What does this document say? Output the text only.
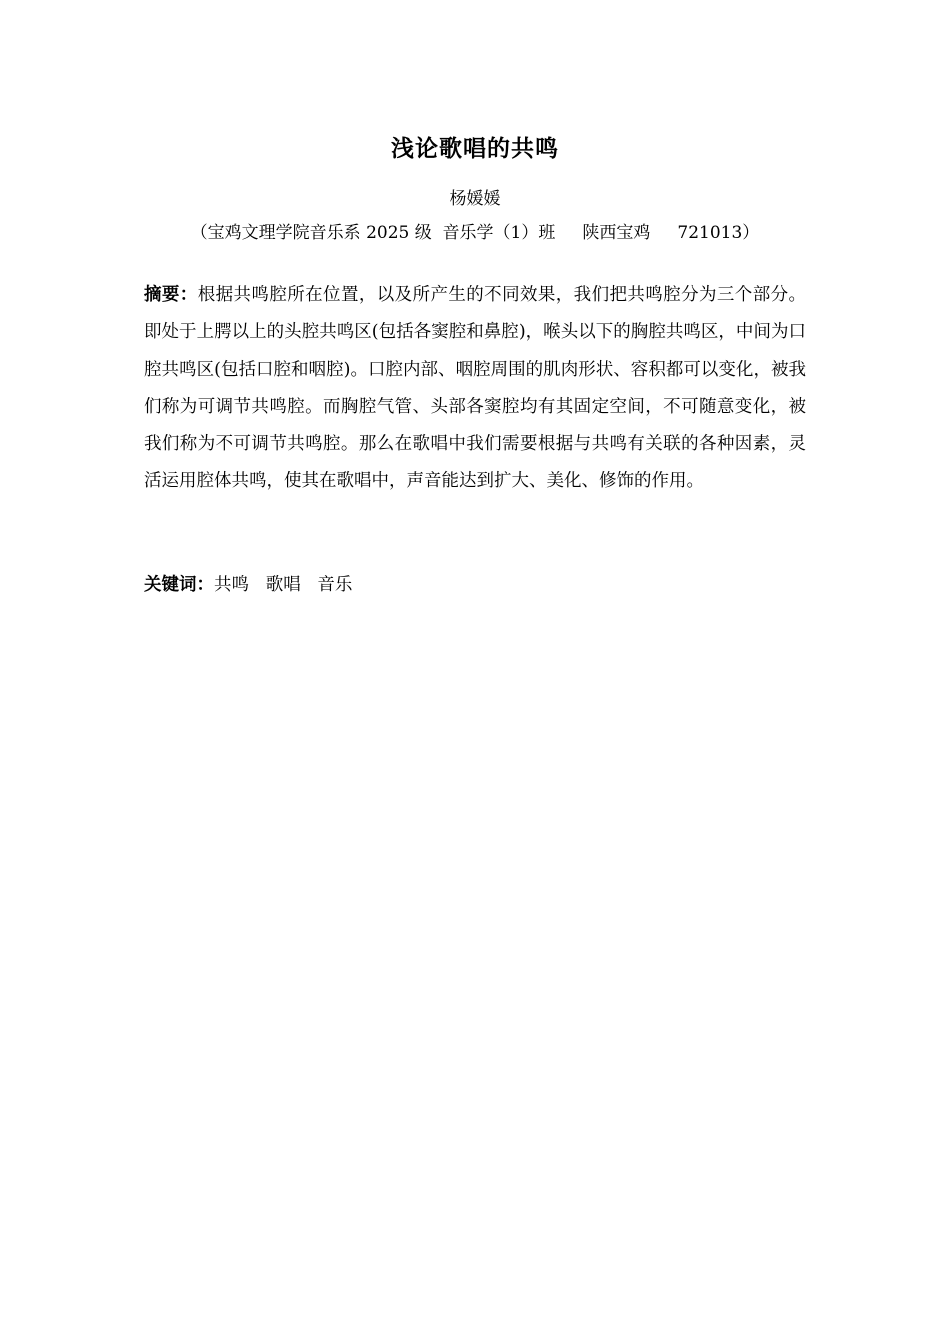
浅论歌唱的共鸣
杨媛媛
（宝鸡文理学院音乐系 2025 级  音乐学（1）班     陕西宝鸡     721013）

摘要：根据共鸣腔所在位置，以及所产生的不同效果，我们把共鸣腔分为三个部分。即处于上腭以上的头腔共鸣区(包括各窦腔和鼻腔)，喉头以下的胸腔共鸣区，中间为口腔共鸣区(包括口腔和咽腔)。口腔内部、咽腔周围的肌肉形状、容积都可以变化，被我们称为可调节共鸣腔。而胸腔气管、头部各窦腔均有其固定空间，不可随意变化，被我们称为不可调节共鸣腔。那么在歌唱中我们需要根据与共鸣有关联的各种因素，灵活运用腔体共鸣，使其在歌唱中，声音能达到扩大、美化、修饰的作用。

关键词：共鸣   歌唱   音乐
